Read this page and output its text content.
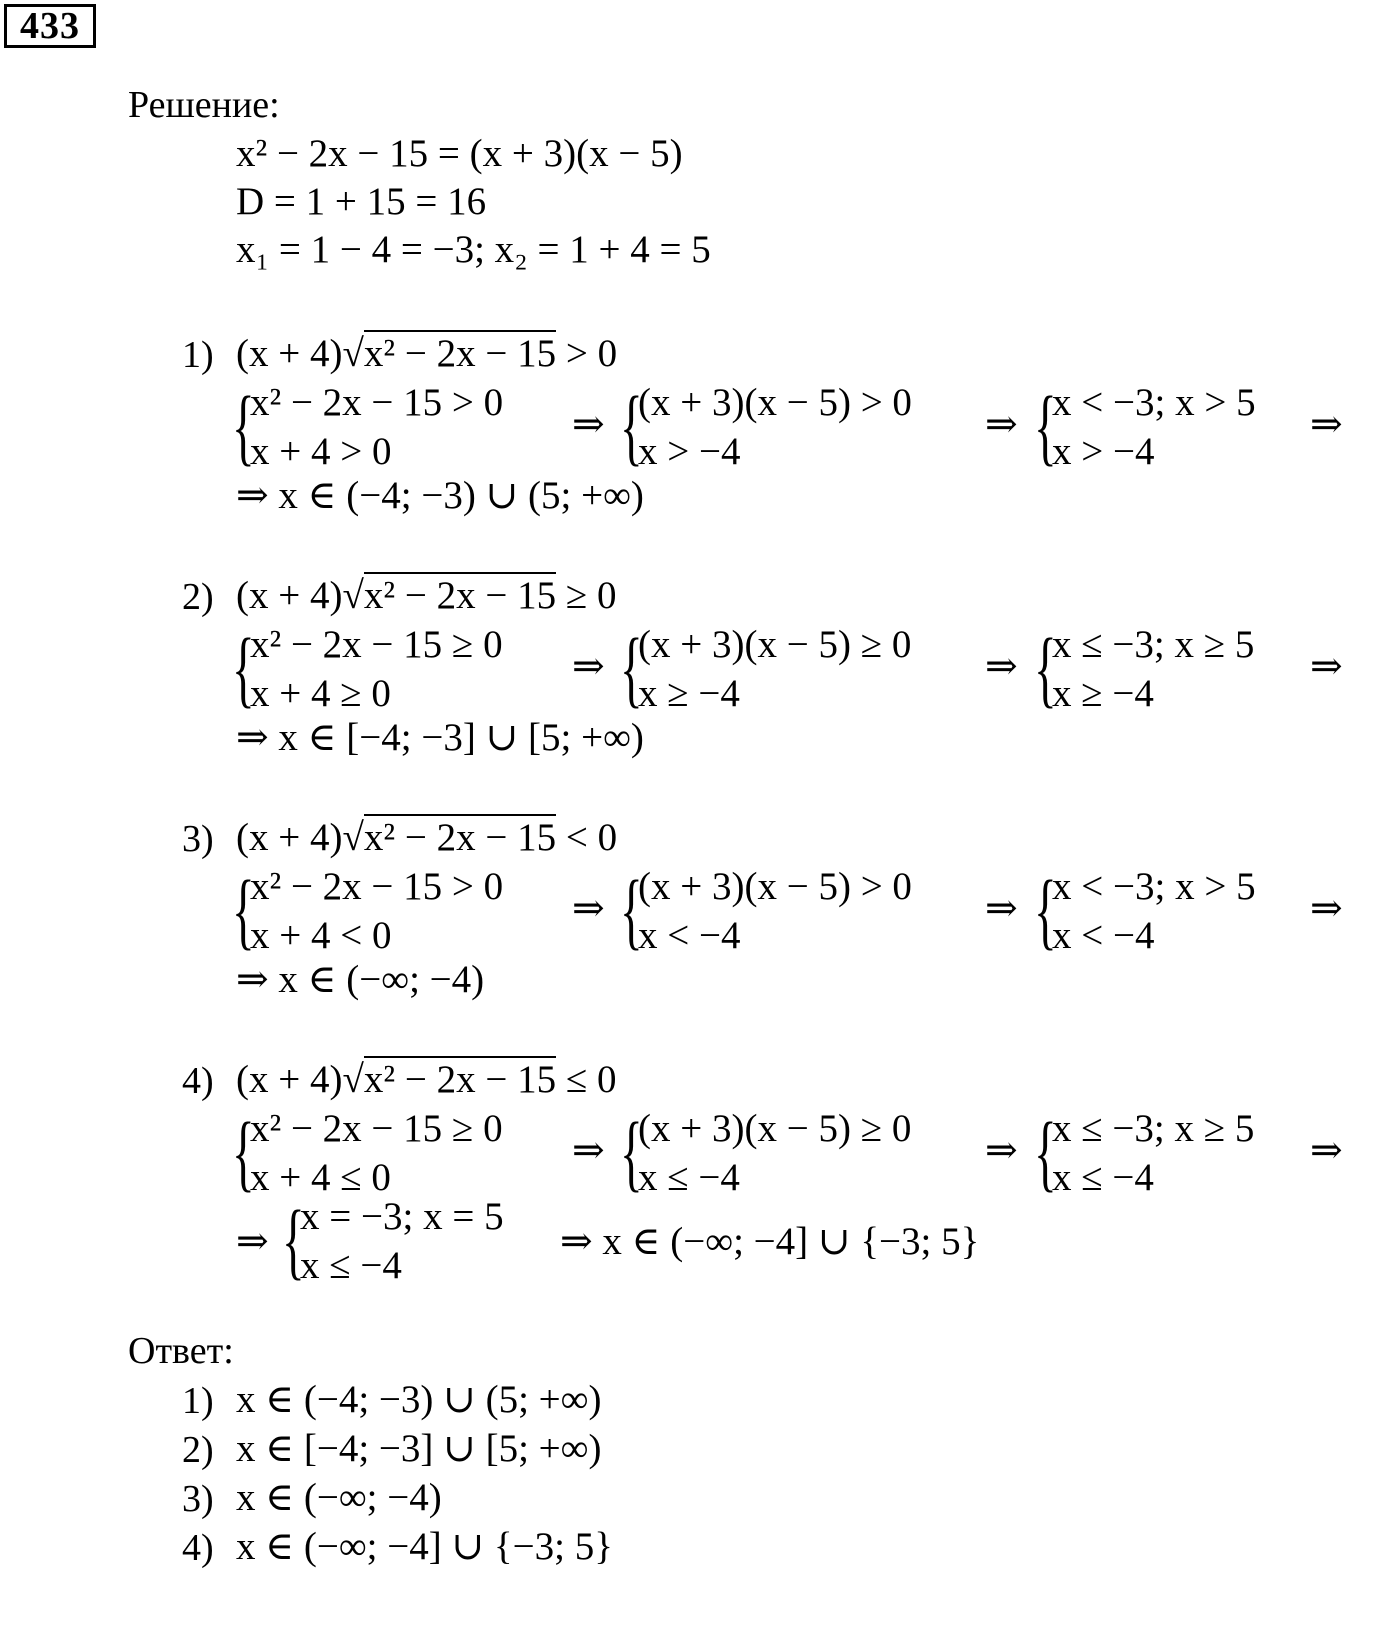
433
Решение:
x² − 2x − 15 = (x + 3)(x − 5)
D = 1 + 15 = 16
x₁ = 1 − 4 = −3; x₂ = 1 + 4 = 5
1) (x + 4)√x² − 2x − 15 > 0
{
x² − 2x − 15 > 0
x + 4 > 0
⇒ {
(x + 3)(x − 5) > 0
x > −4
⇒ {
x < −3; x > 5
x > −4
⇒
⇒ x ∈ (−4; −3) ∪ (5; +∞)
2) (x + 4)√x² − 2x − 15 ≥ 0
{
x² − 2x − 15 ≥ 0
x + 4 ≥ 0
⇒ {
(x + 3)(x − 5) ≥ 0
x ≥ −4
⇒ {
x ≤ −3; x ≥ 5
x ≥ −4
⇒
⇒ x ∈ [−4; −3] ∪ [5; +∞)
3) (x + 4)√x² − 2x − 15 < 0
{
x² − 2x − 15 > 0
x + 4 < 0
⇒ {
(x + 3)(x − 5) > 0
x < −4
⇒ {
x < −3; x > 5
x < −4
⇒
⇒ x ∈ (−∞; −4)
4) (x + 4)√x² − 2x − 15 ≤ 0
{
x² − 2x − 15 ≥ 0
x + 4 ≤ 0
⇒ {
(x + 3)(x − 5) ≥ 0
x ≤ −4
⇒ {
x ≤ −3; x ≥ 5
x ≤ −4
⇒
⇒ {
x = −3; x = 5
x ≤ −4
⇒ x ∈ (−∞; −4] ∪ {−3; 5}
Ответ:
1) x ∈ (−4; −3) ∪ (5; +∞)
2) x ∈ [−4; −3] ∪ [5; +∞)
3) x ∈ (−∞; −4)
4) x ∈ (−∞; −4] ∪ {−3; 5}
